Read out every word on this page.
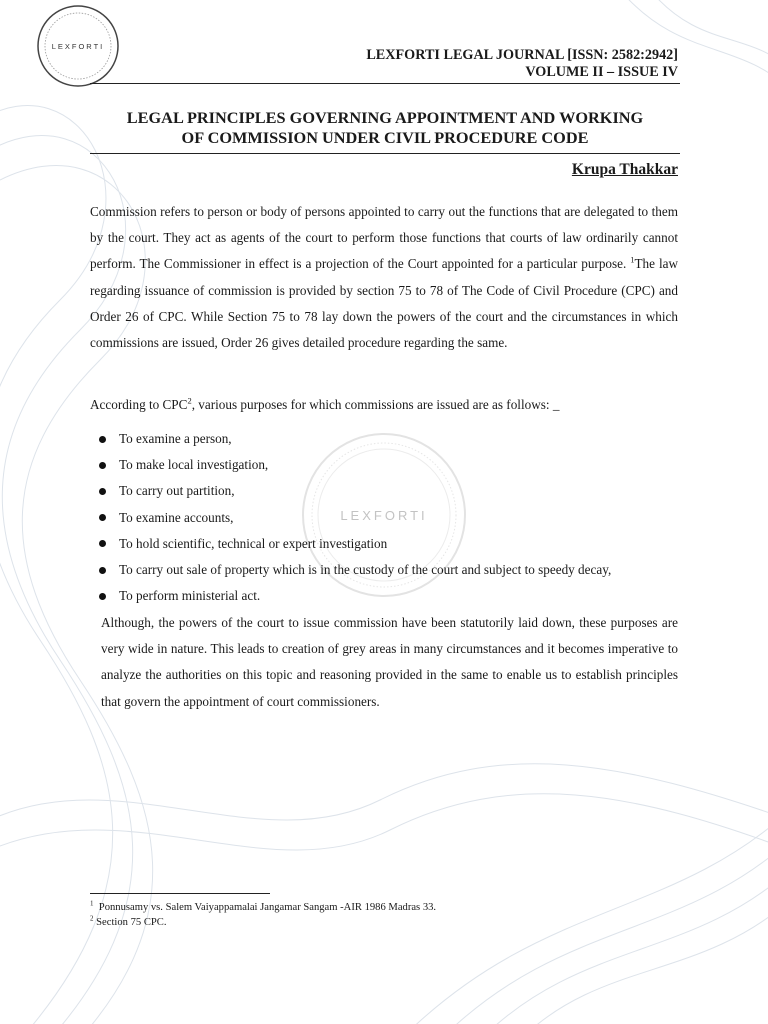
LEXFORTI
LEXFORTI LEGAL JOURNAL [ISSN: 2582:2942]
VOLUME II – ISSUE IV
LEGAL PRINCIPLES GOVERNING APPOINTMENT AND WORKING
OF COMMISSION UNDER CIVIL PROCEDURE CODE
Krupa Thakkar
LEXFORTI

Commission refers to person or body of persons appointed to carry out the functions that are delegated to them by the court. They act as agents of the court to perform those functions that courts of law ordinarily cannot perform. The Commissioner in effect is a projection of the Court appointed for a particular purpose. $^1$The law regarding issuance of commission is provided by section 75 to 78 of The Code of Civil Procedure (CPC) and Order 26 of CPC. While Section 75 to 78 lay down the powers of the court and the circumstances in which commissions are issued, Order 26 gives detailed procedure regarding the same.

According to CPC$^2$, various purposes for which commissions are issued are as follows: _

To examine a person,
To make local investigation,
To carry out partition,
To examine accounts,
To hold scientific, technical or expert investigation
To carry out sale of property which is in the custody of the court and subject to speedy decay,
To perform ministerial act.

Although, the powers of the court to issue commission have been statutorily laid down, these purposes are very wide in nature. This leads to creation of grey areas in many circumstances and it becomes imperative to analyze the authorities on this topic and reasoning provided in the same to enable us to establish principles that govern the appointment of court commissioners.

$^1$ Ponnusamy vs. Salem Vaiyappamalai Jangamar Sangam -AIR 1986 Madras 33.
$^2$ Section 75 CPC.
